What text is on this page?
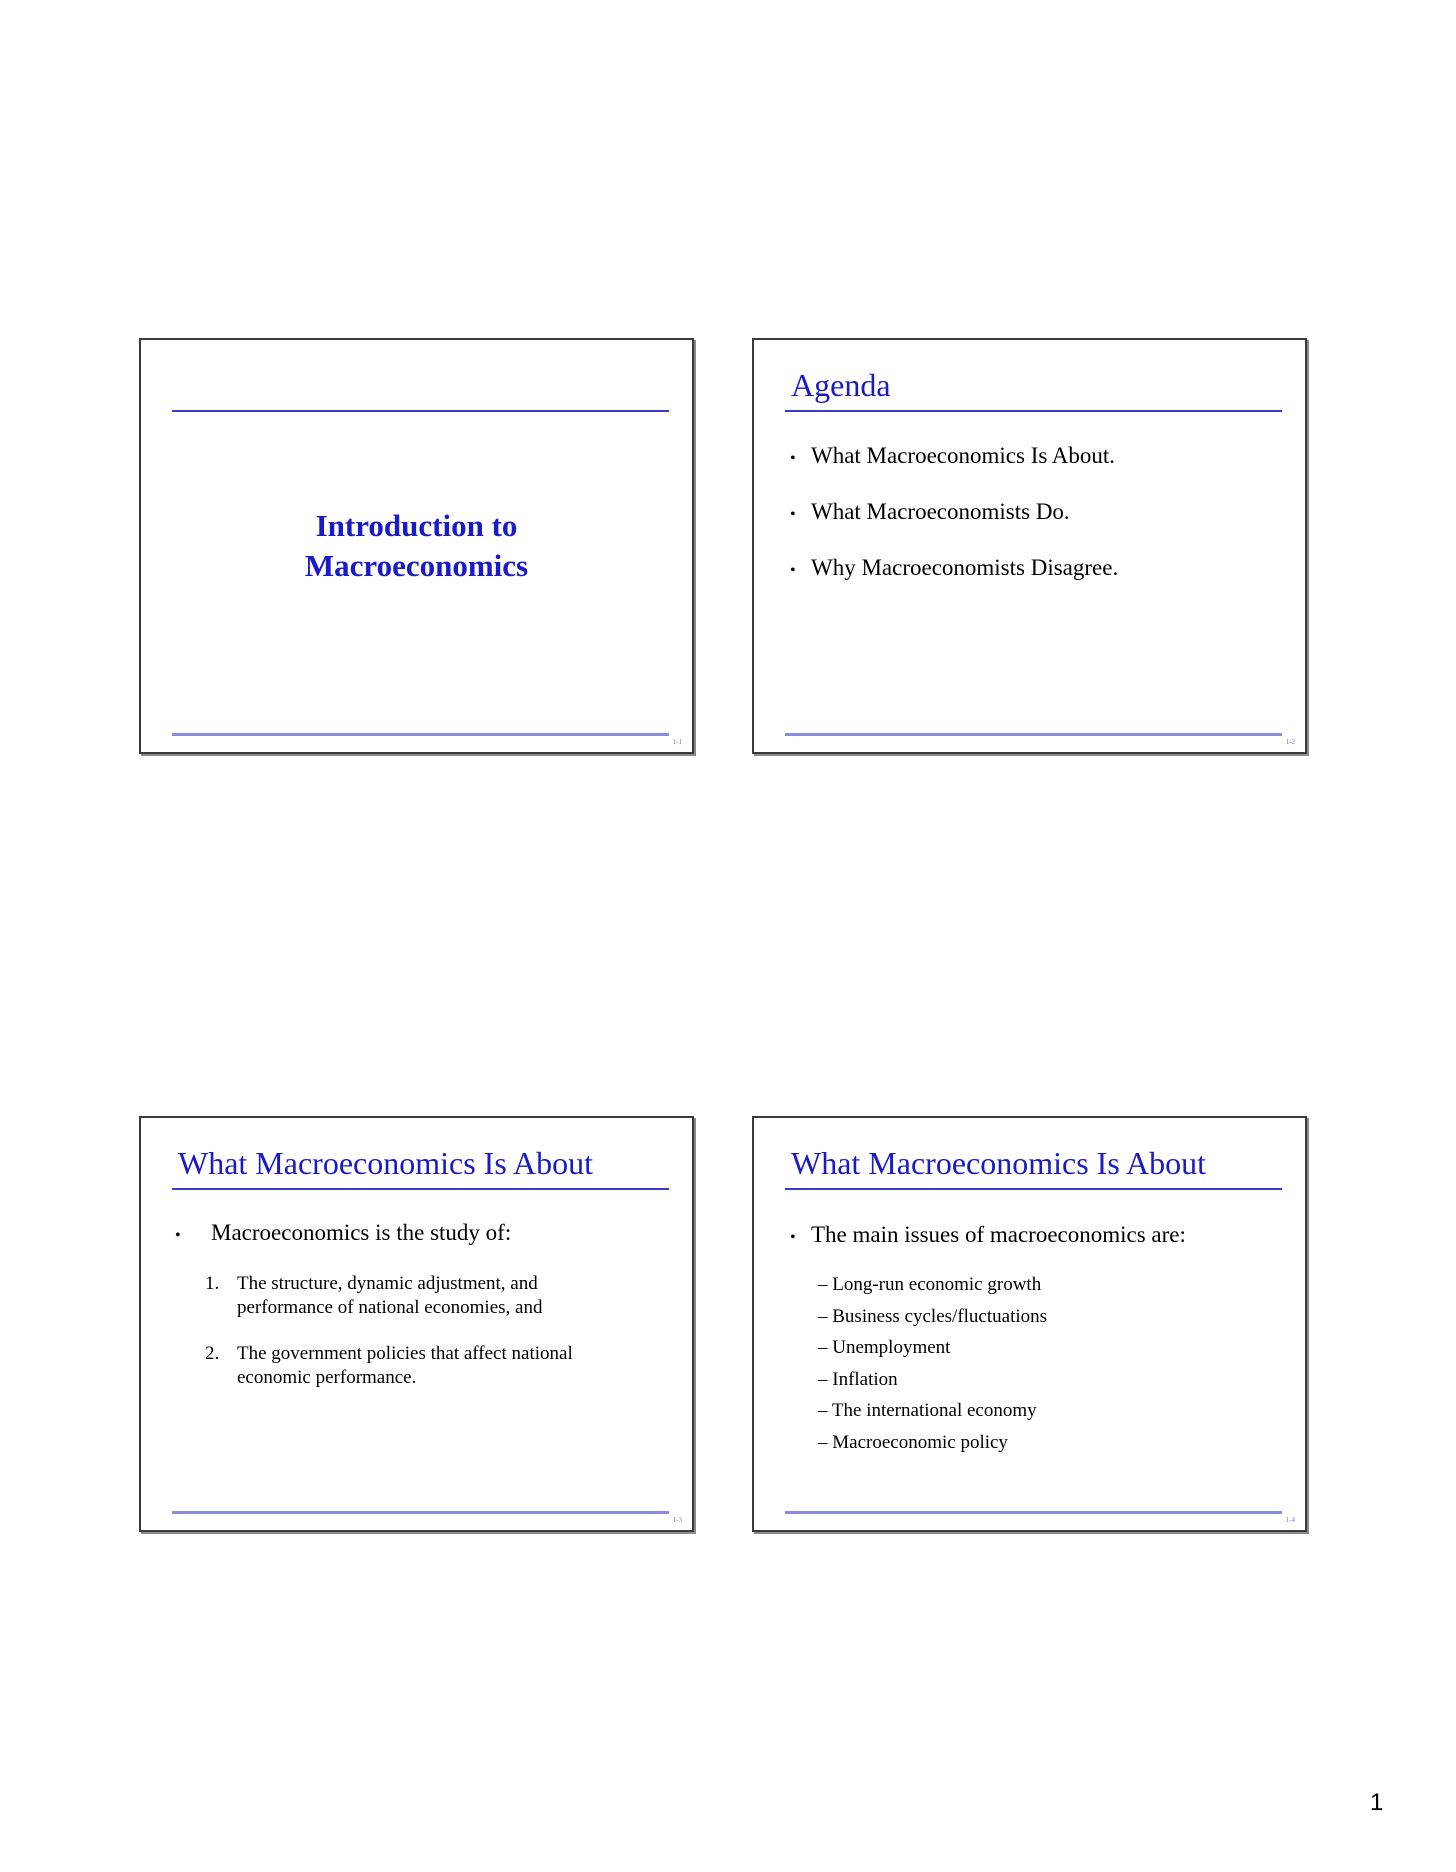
Introduction to
Macroeconomics
1-1
Agenda
• What Macroeconomics Is About.
• What Macroeconomists Do.
• Why Macroeconomists Disagree.
1-2
What Macroeconomics Is About
• Macroeconomics is the study of:
1. The structure, dynamic adjustment, and performance of national economies, and
2. The government policies that affect national economic performance.
1-3
What Macroeconomics Is About
• The main issues of macroeconomics are:
– Long-run economic growth
– Business cycles/fluctuations
– Unemployment
– Inflation
– The international economy
– Macroeconomic policy
1-4
1
